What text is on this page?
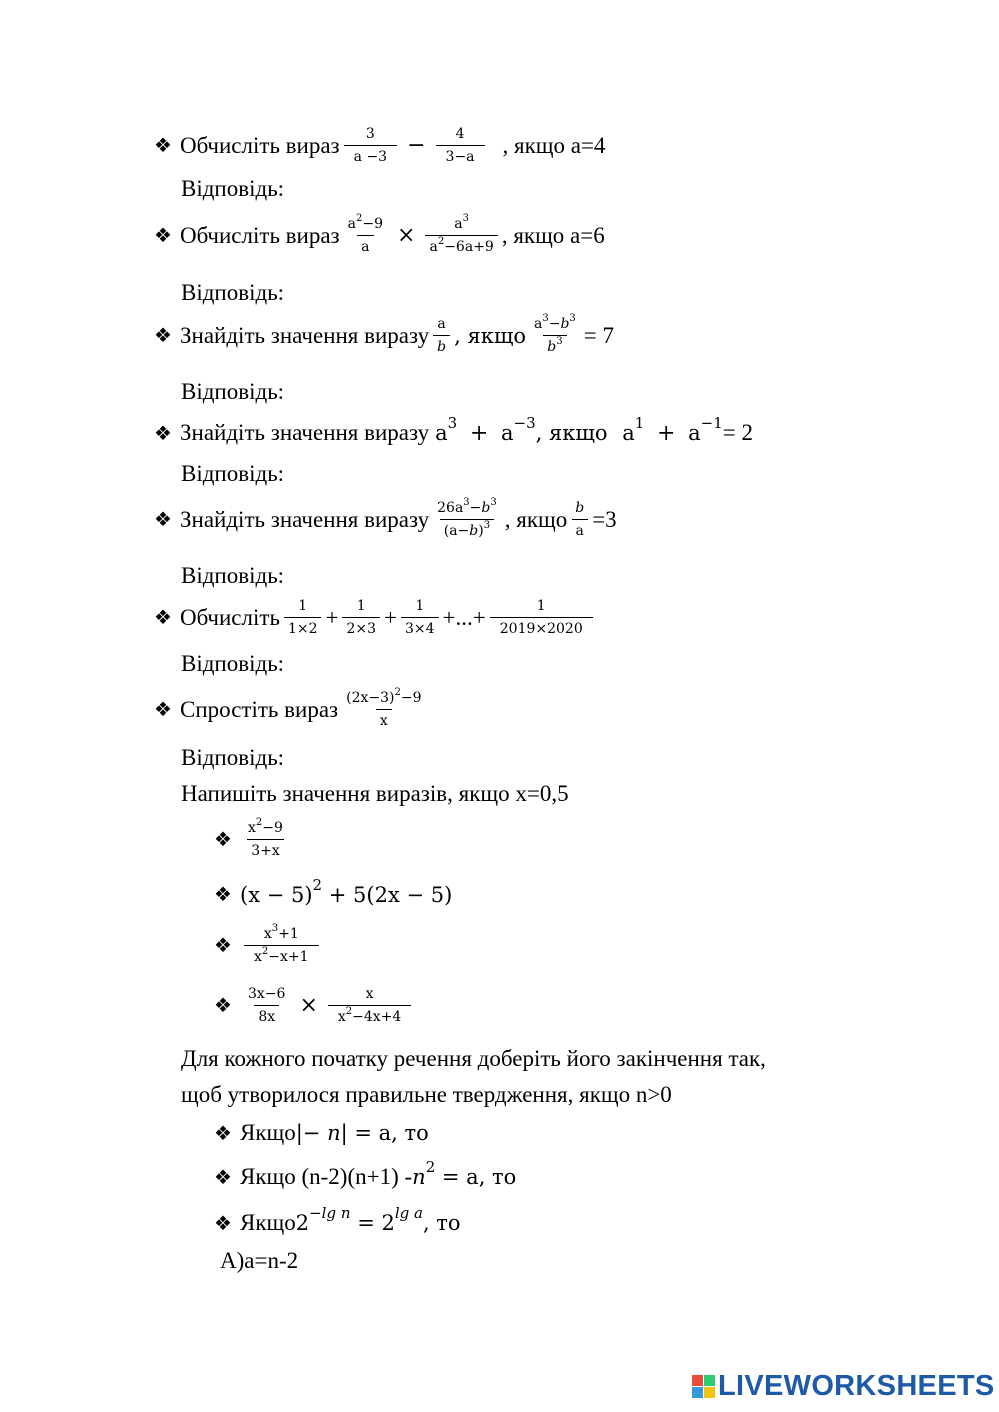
❖ Обчисліть вираз $\frac{3}{a -3} - \frac{4}{3-a}$ , якщо a=4
Відповідь:
❖ Обчисліть вираз $\frac{a^2-9}{a} \times \frac{a^3}{a^2-6a+9}$ , якщо a=6
Відповідь:
❖ Знайдіть значення виразу $\frac{a}{b}$ , якщо $\frac{a^3-b^3}{b^3} = 7$
Відповідь:
❖ Знайдіть значення виразу $a^3 + a^{-3}$, якщо $a^1 + a^{-1} = 2$
Відповідь:
❖ Знайдіть значення виразу $\frac{26a^3-b^3}{(a-b)^3}$ , якщо $\frac{b}{a} =3$
Відповідь:
❖ Обчисліть $\frac{1}{1\times 2} + \frac{1}{2\times 3} + \frac{1}{3\times 4}$ +...+ $\frac{1}{2019\times 2020}$
Відповідь:
❖ Спростіть вираз $\frac{(2x-3)^2-9}{x}$
Відповідь:
Напишіть значення виразів, якщо x=0,5
❖ $\frac{x^2-9}{3+x}$
❖ $(x - 5)^2 + 5(2x - 5)$
❖ $\frac{x^3+1}{x^2-x+1}$
❖ $\frac{3x-6}{8x} \times \frac{x}{x^2-4x+4}$
Для кожного початку речення доберіть його закінчення так,
щоб утворилося правильне твердження, якщо n>0
❖ Якщо |− n| = a, то
❖ Якщо $(n-2)(n+1) - n^2 = a$, то
❖ Якщо $2^{-lg n} = 2^{lg a}$, то
А)a=n-2
LIVEWORKSHEETS
